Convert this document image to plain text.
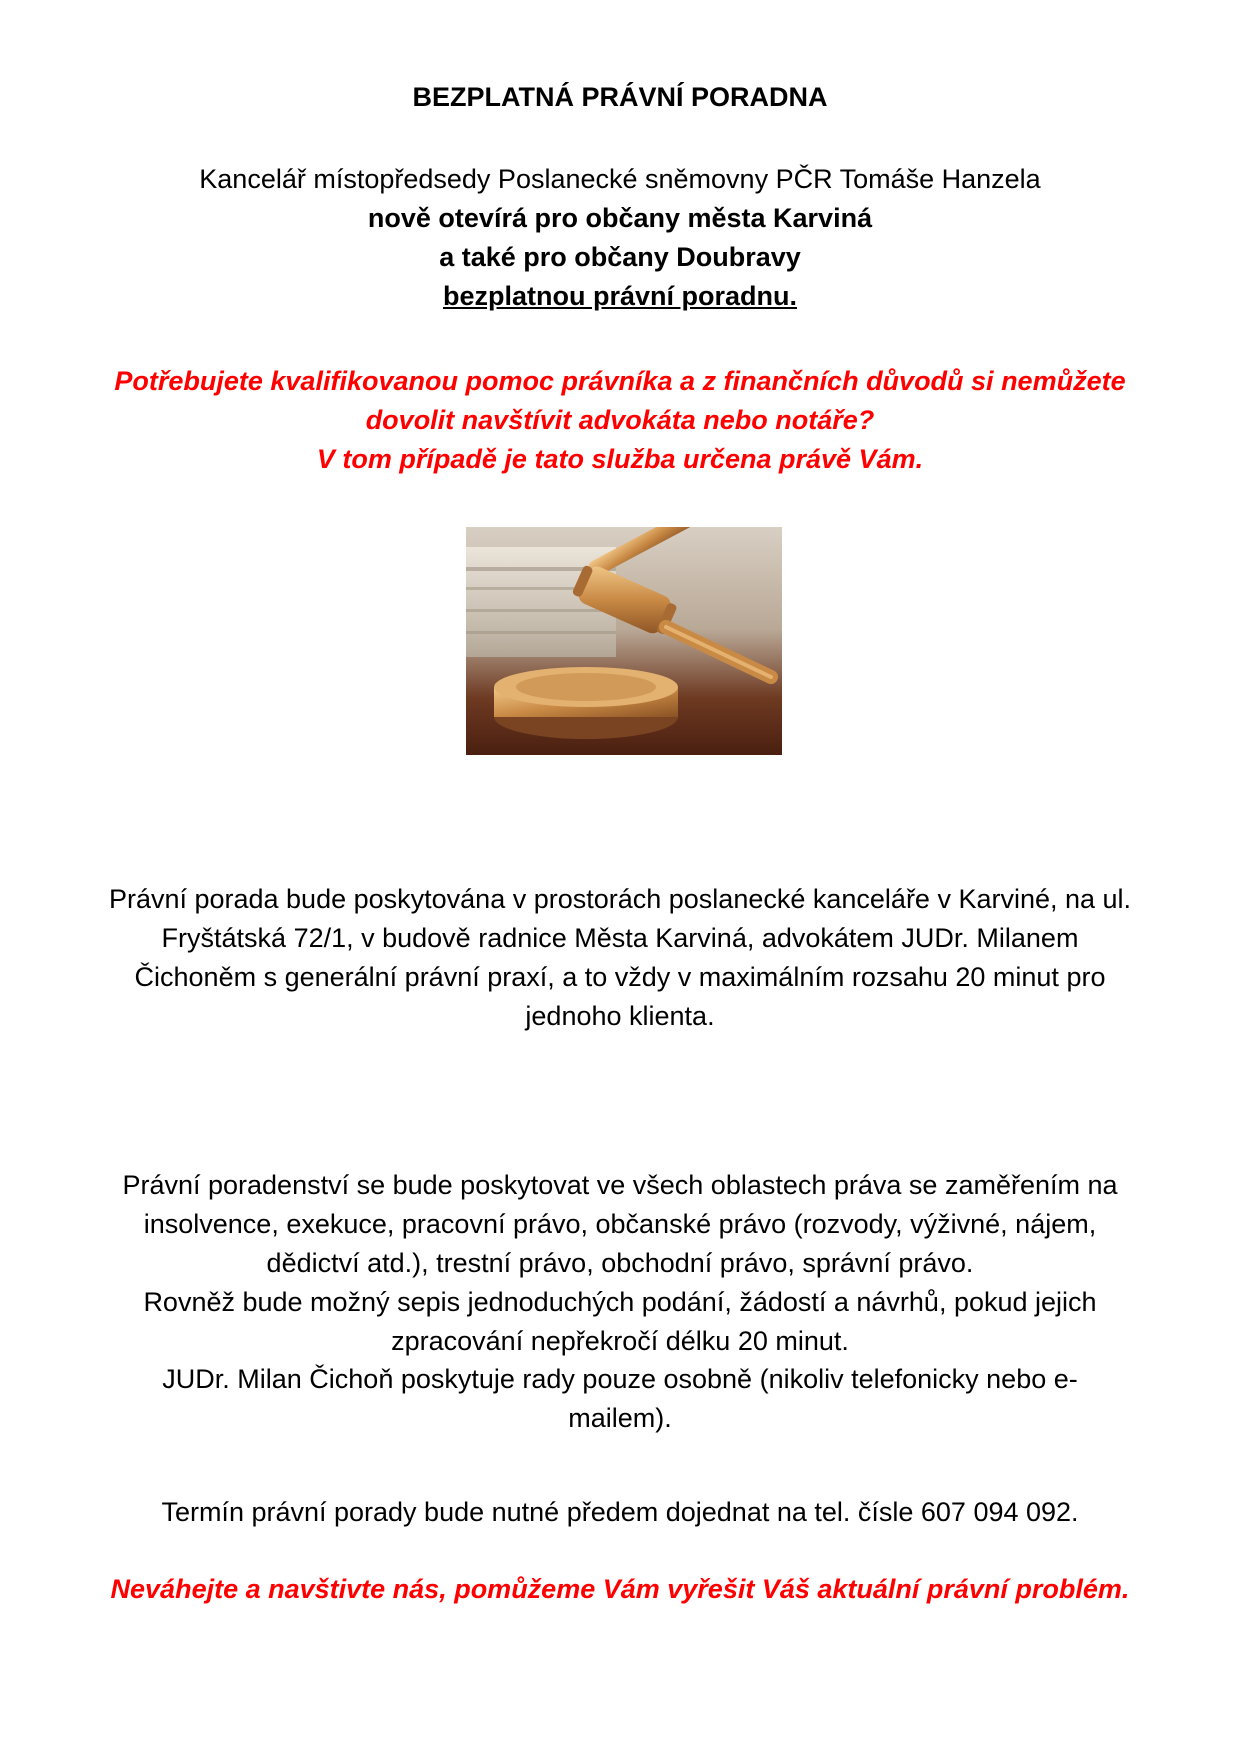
BEZPLATNÁ PRÁVNÍ PORADNA
Kancelář místopředsedy Poslanecké sněmovny PČR Tomáše Hanzela
nově otevírá pro občany města Karviná
a také pro občany Doubravy
bezplatnou právní poradnu.
Potřebujete kvalifikovanou pomoc právníka a z finančních důvodů si nemůžete
dovolit navštívit advokáta nebo notáře?
V tom případě je tato služba určena právě Vám.
Právní porada bude poskytována v prostorách poslanecké kanceláře v Karviné, na ul.
Fryštátská 72/1, v budově radnice Města Karviná, advokátem JUDr. Milanem
Čichoněm s generální právní praxí, a to vždy v maximálním rozsahu 20 minut pro
jednoho klienta.
Právní poradenství se bude poskytovat ve všech oblastech práva se zaměřením na
insolvence, exekuce, pracovní právo, občanské právo (rozvody, výživné, nájem,
dědictví atd.), trestní právo, obchodní právo, správní právo.
Rovněž bude možný sepis jednoduchých podání, žádostí a návrhů, pokud jejich
zpracování nepřekročí délku 20 minut.
JUDr. Milan Čichoň poskytuje rady pouze osobně (nikoliv telefonicky nebo e-
mailem).
Termín právní porady bude nutné předem dojednat na tel. čísle 607 094 092.
Neváhejte a navštivte nás, pomůžeme Vám vyřešit Váš aktuální právní problém.
